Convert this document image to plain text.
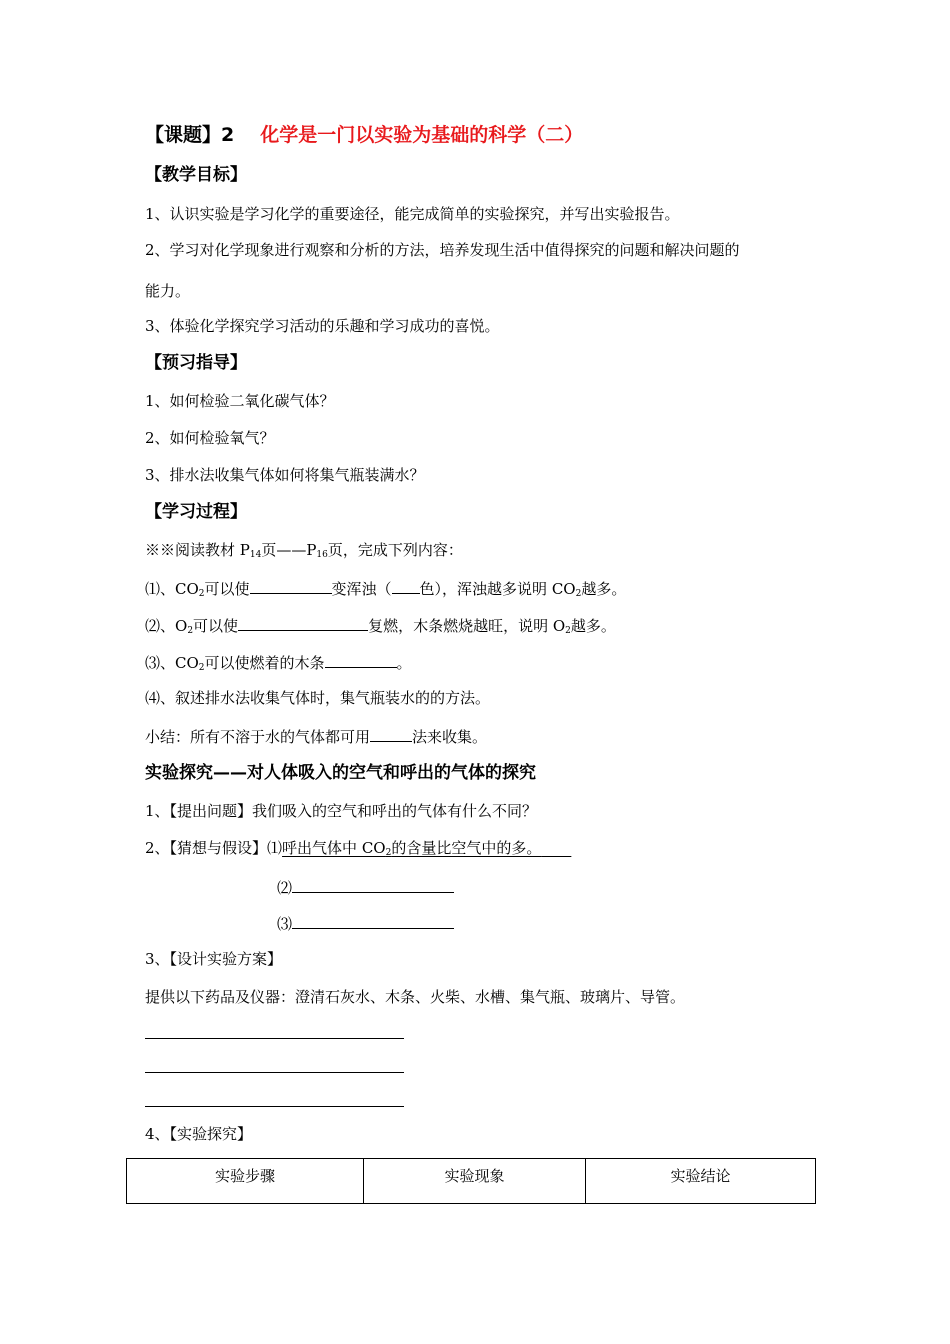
【课题】2 化学是一门以实验为基础的科学（二）
【教学目标】
1、认识实验是学习化学的重要途径，能完成简单的实验探究，并写出实验报告。
2、学习对化学现象进行观察和分析的方法，培养发现生活中值得探究的问题和解决问题的
能力。
3、体验化学探究学习活动的乐趣和学习成功的喜悦。
【预习指导】
1、如何检验二氧化碳气体？
2、如何检验氧气？
3、排水法收集气体如何将集气瓶装满水？
【学习过程】
※※阅读教材 $P_{14}$页$——P_{16}$页，完成下列内容：
⑴、$CO_2$可以使	变浑浊（ 色），浑浊越多说明 $CO_2$越多。
⑵、$O_2$可以使	复燃，木条燃烧越旺，说明 $O_2$越多。
⑶、$CO_2$可以使燃着的木条	。
⑷、叙述排水法收集气体时，集气瓶装水的的方法。
小结：所有不溶于水的气体都可用	法来收集。
实验探究——对人体吸入的空气和呼出的气体的探究
1、【提出问题】我们吸入的空气和呼出的气体有什么不同？
2、【猜想与假设】⑴呼出气体中 $CO_2$的含量比空气中的多。  
⑵
⑶
3、【设计实验方案】
提供以下药品及仪器：澄清石灰水、木条、火柴、水槽、集气瓶、玻璃片、导管。
4、【实验探究】
实验步骤	实验现象	实验结论
